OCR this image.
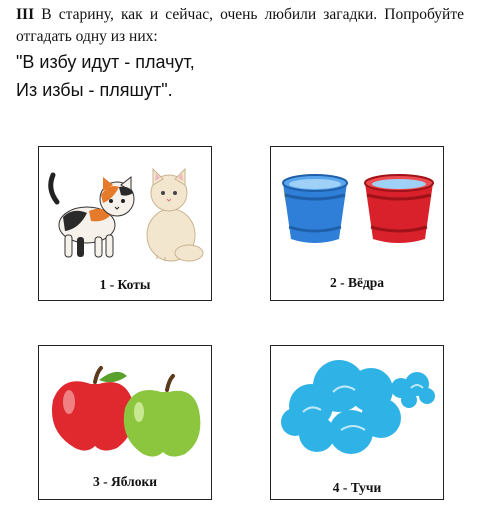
III В старину, как и сейчас, очень любили загадки. Попробуйте отгадать одну из них:
"В избу идут - плачут,
Из избы - пляшут".
1 - Коты	2 - Вёдра
3 - Яблоки	4 - Тучи
